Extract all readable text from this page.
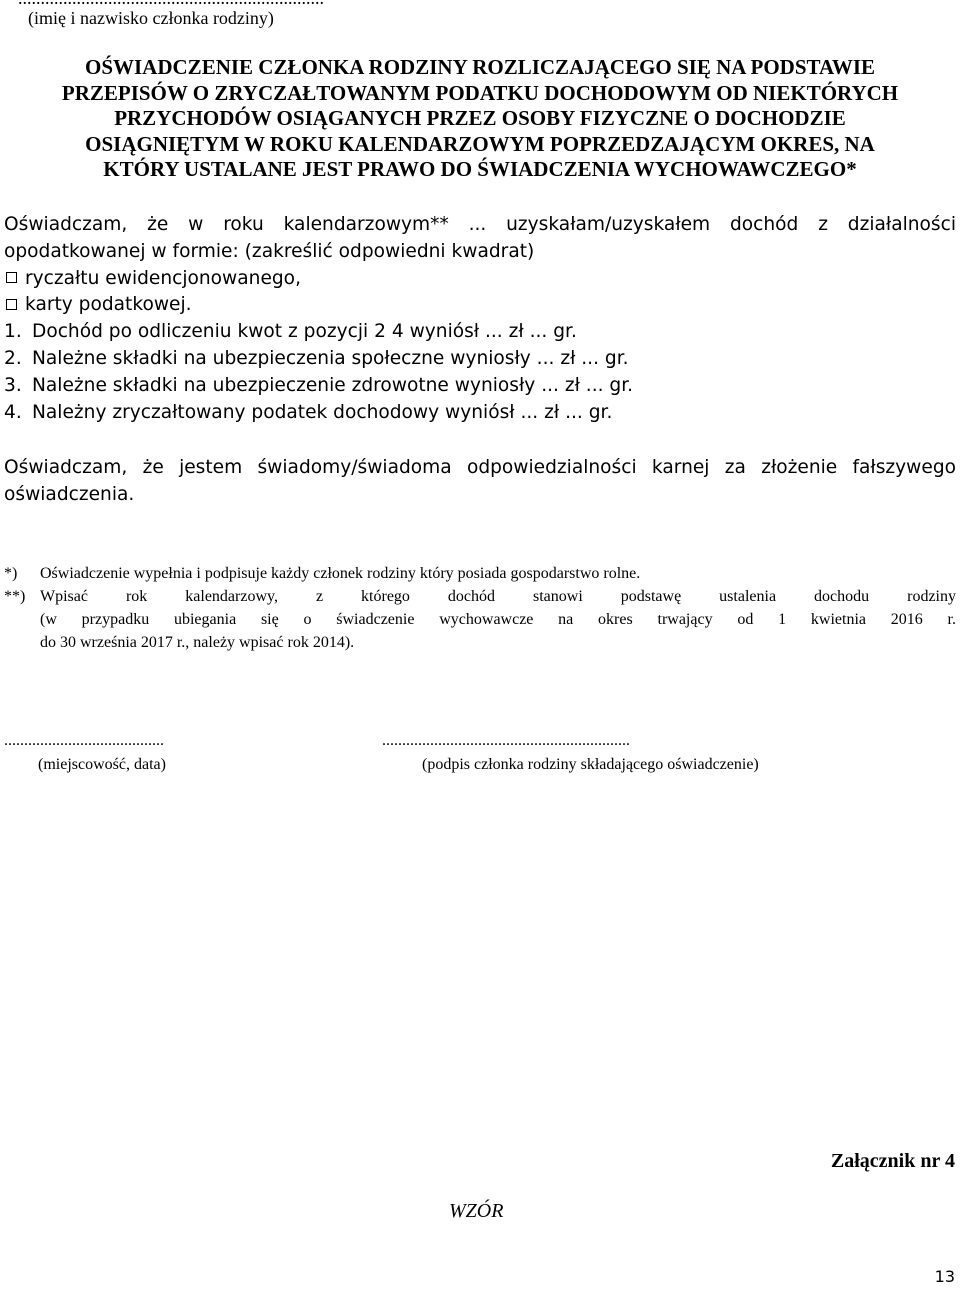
(imię i nazwisko członka rodziny)
OŚWIADCZENIE CZŁONKA RODZINY ROZLICZAJĄCEGO SIĘ NA PODSTAWIE
PRZEPISÓW O ZRYCZAŁTOWANYM PODATKU DOCHODOWYM OD NIEKTÓRYCH
PRZYCHODÓW OSIĄGANYCH PRZEZ OSOBY FIZYCZNE O DOCHODZIE
OSIĄGNIĘTYM W ROKU KALENDARZOWYM POPRZEDZAJĄCYM OKRES, NA
KTÓRY USTALANE JEST PRAWO DO ŚWIADCZENIA WYCHOWAWCZEGO*
Oświadczam, że w roku kalendarzowym** ... uzyskałam/uzyskałem dochód z działalności
opodatkowanej w formie: (zakreślić odpowiedni kwadrat)
ryczałtu ewidencjonowanego,
karty podatkowej.
1. Dochód po odliczeniu kwot z pozycji 2 4 wyniósł ... zł ... gr.
2. Należne składki na ubezpieczenia społeczne wyniosły ... zł ... gr.
3. Należne składki na ubezpieczenie zdrowotne wyniosły ... zł ... gr.
4. Należny zryczałtowany podatek dochodowy wyniósł ... zł ... gr.
Oświadczam, że jestem świadomy/świadoma odpowiedzialności karnej za złożenie fałszywego
oświadczenia.
*)	Oświadczenie wypełnia i podpisuje każdy członek rodziny który posiada gospodarstwo rolne.
**) Wpisać rok kalendarzowy, z którego dochód stanowi podstawę ustalenia dochodu rodziny
(w przypadku ubiegania się o świadczenie wychowawcze na okres trwający od 1 kwietnia 2016 r.
do 30 września 2017 r., należy wpisać rok 2014).
........................................	..............................................................
(miejscowość, data)	(podpis członka rodziny składającego oświadczenie)
Załącznik nr 4
WZÓR
13
